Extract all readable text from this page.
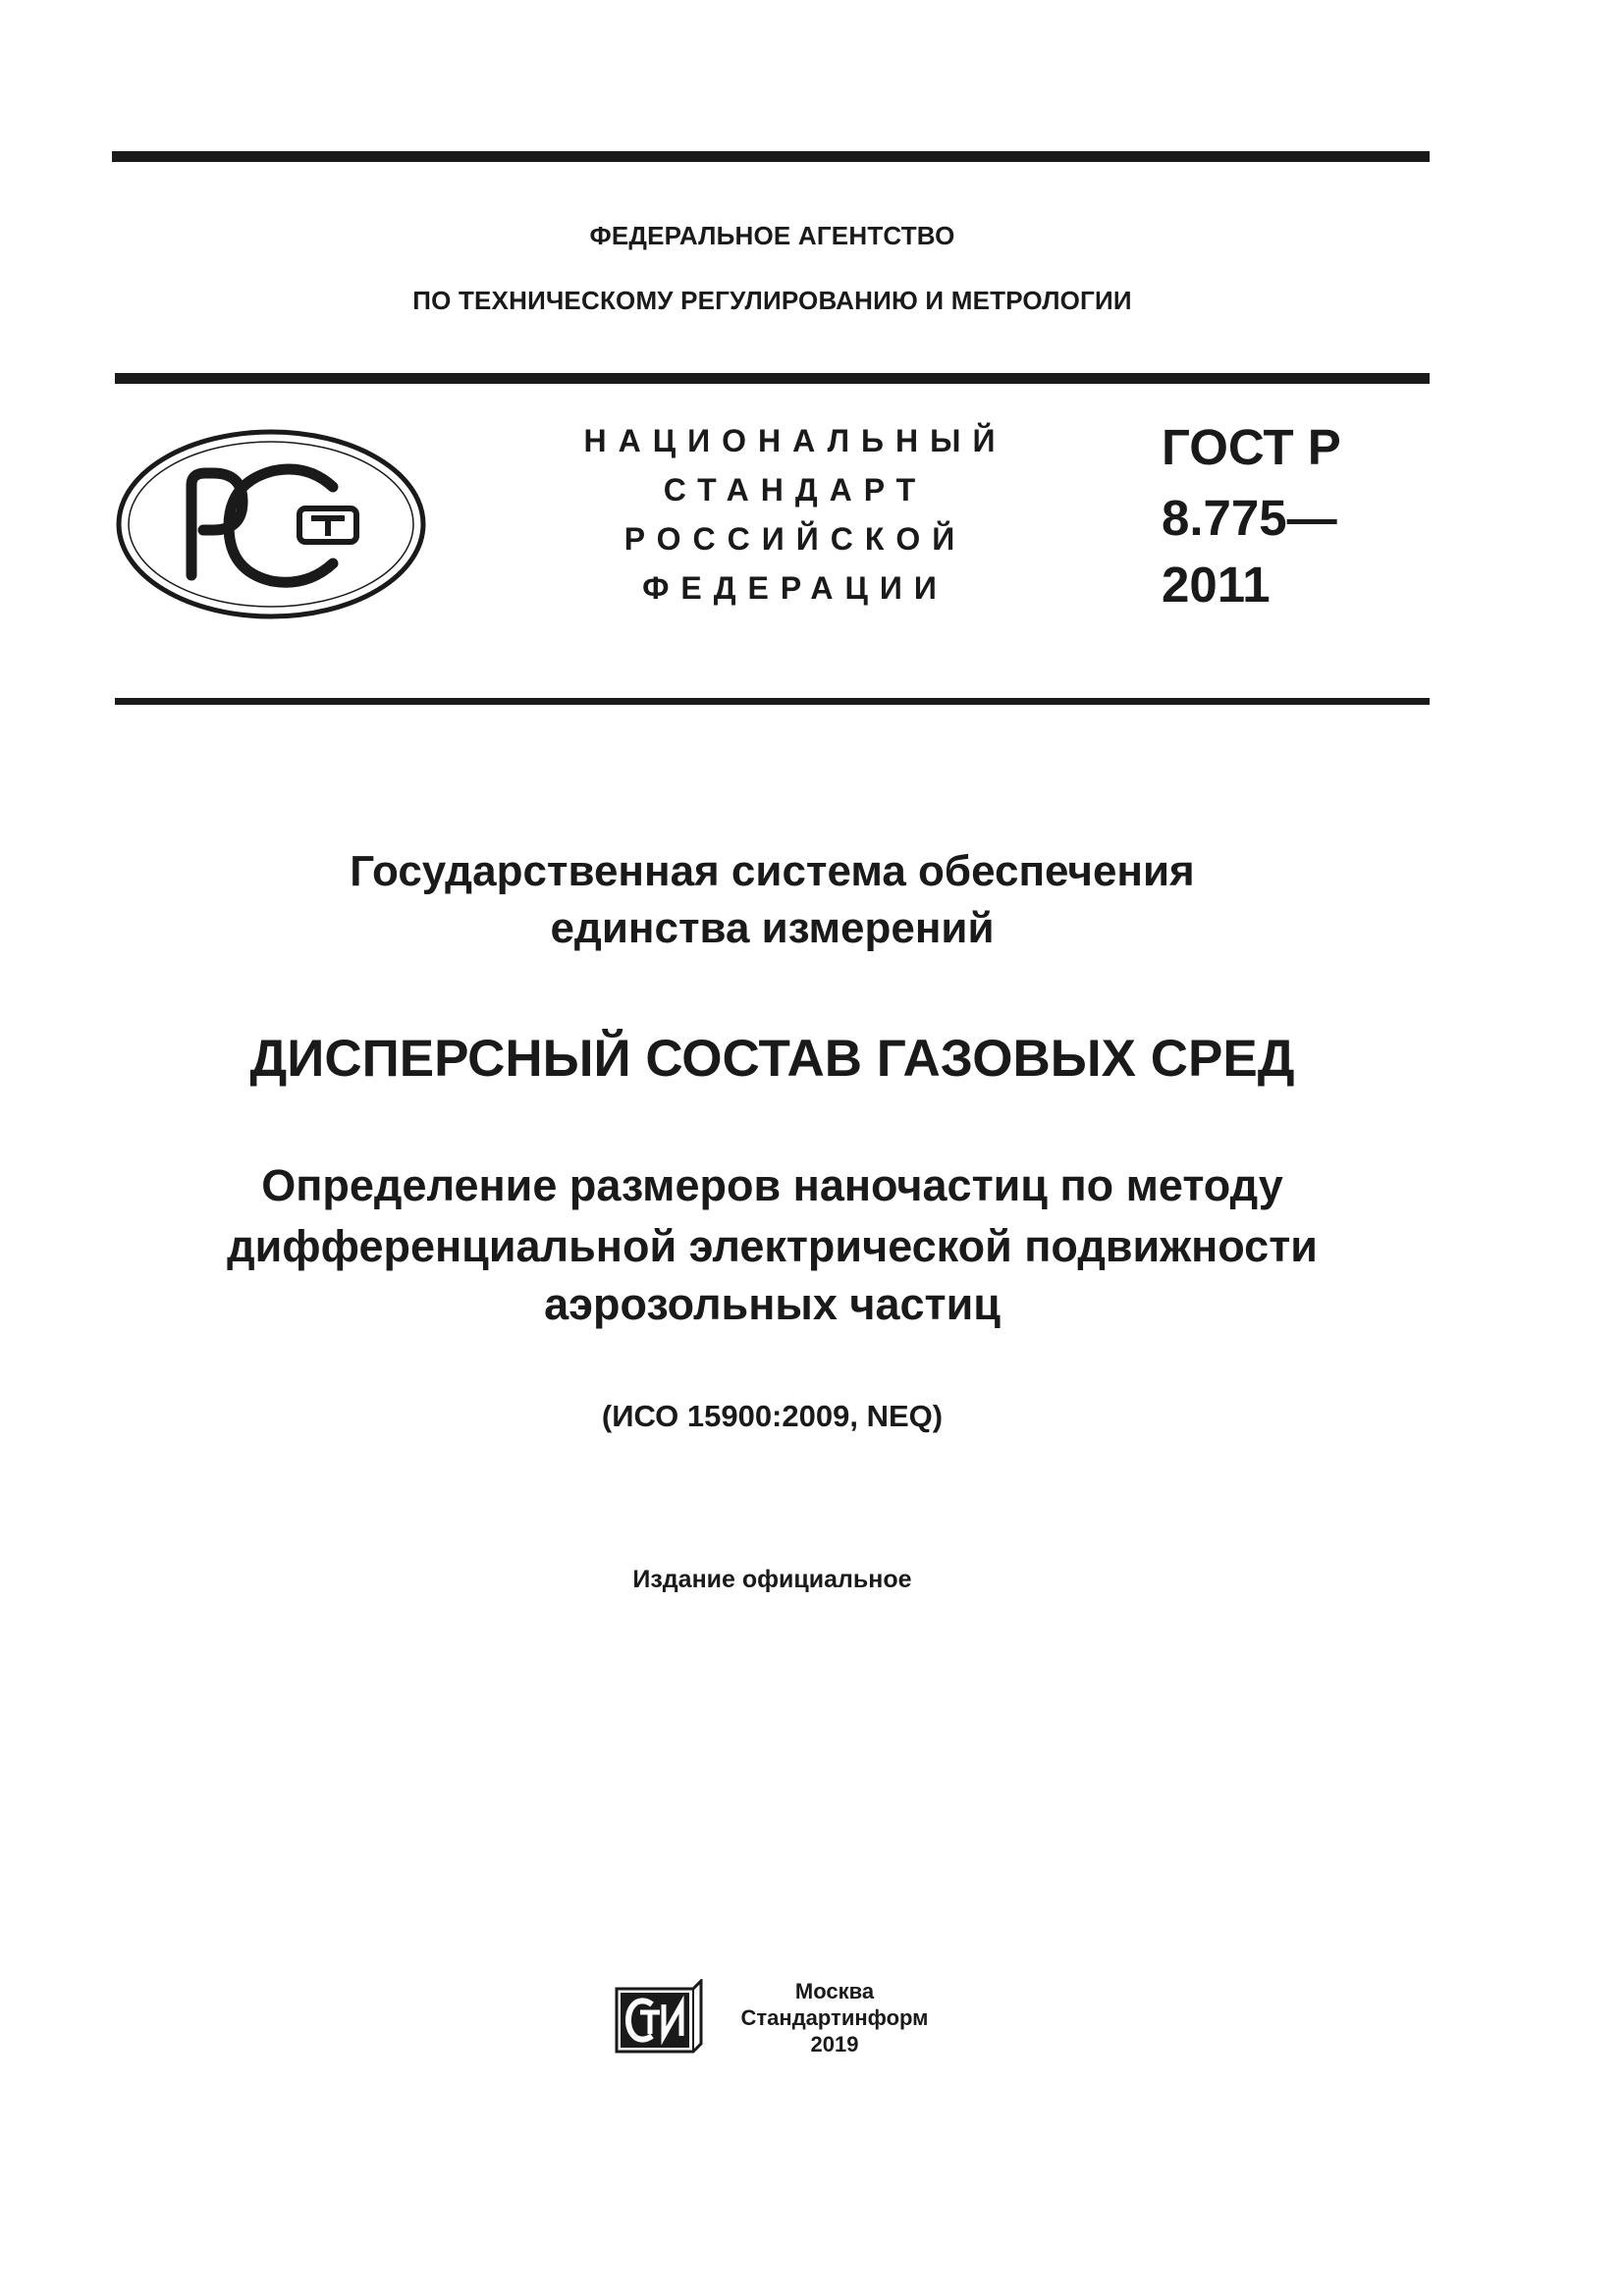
ФЕДЕРАЛЬНОЕ АГЕНТСТВО
ПО ТЕХНИЧЕСКОМУ РЕГУЛИРОВАНИЮ И МЕТРОЛОГИИ
НАЦИОНАЛЬНЫЙ
СТАНДАРТ
РОССИЙСКОЙ
ФЕДЕРАЦИИ
ГОСТ Р
8.775—
2011
Государственная система обеспечения
единства измерений
ДИСПЕРСНЫЙ СОСТАВ ГАЗОВЫХ СРЕД
Определение размеров наночастиц по методу
дифференциальной электрической подвижности
аэрозольных частиц
(ИСО 15900:2009, NEQ)
Издание официальное
Москва
Стандартинформ
2019
